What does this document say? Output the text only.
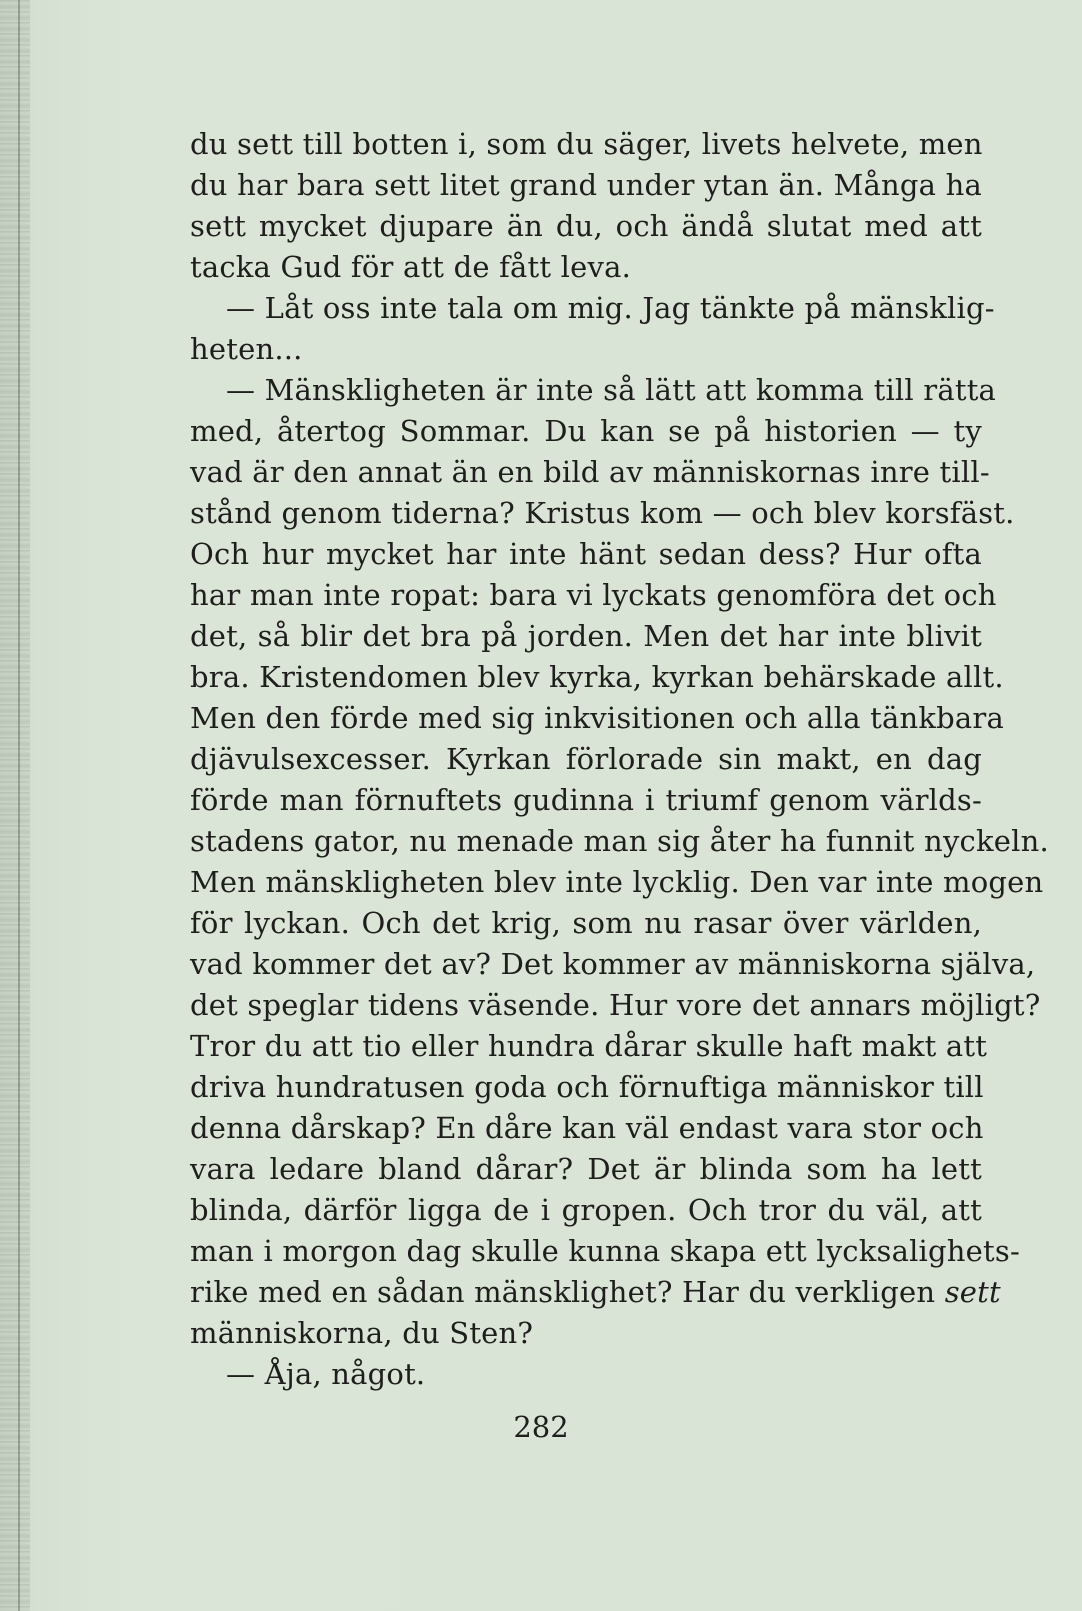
du sett till botten i, som du säger, livets helvete, men
du har bara sett litet grand under ytan än. Många ha
sett mycket djupare än du, och ändå slutat med att
tacka Gud för att de fått leva.
— Låt oss inte tala om mig. Jag tänkte på mänsklig-
heten...
— Mänskligheten är inte så lätt att komma till rätta
med, återtog Sommar. Du kan se på historien — ty
vad är den annat än en bild av människornas inre till-
stånd genom tiderna? Kristus kom — och blev korsfäst.
Och hur mycket har inte hänt sedan dess? Hur ofta
har man inte ropat: bara vi lyckats genomföra det och
det, så blir det bra på jorden. Men det har inte blivit
bra. Kristendomen blev kyrka, kyrkan behärskade allt.
Men den förde med sig inkvisitionen och alla tänkbara
djävulsexcesser. Kyrkan förlorade sin makt, en dag
förde man förnuftets gudinna i triumf genom världs-
stadens gator, nu menade man sig åter ha funnit nyckeln.
Men mänskligheten blev inte lycklig. Den var inte mogen
för lyckan. Och det krig, som nu rasar över världen,
vad kommer det av? Det kommer av människorna själva,
det speglar tidens väsende. Hur vore det annars möjligt?
Tror du att tio eller hundra dårar skulle haft makt att
driva hundratusen goda och förnuftiga människor till
denna dårskap? En dåre kan väl endast vara stor och
vara ledare bland dårar? Det är blinda som ha lett
blinda, därför ligga de i gropen. Och tror du väl, att
man i morgon dag skulle kunna skapa ett lycksalighets-
rike med en sådan mänsklighet? Har du verkligen sett
människorna, du Sten?
— Åja, något.
282
